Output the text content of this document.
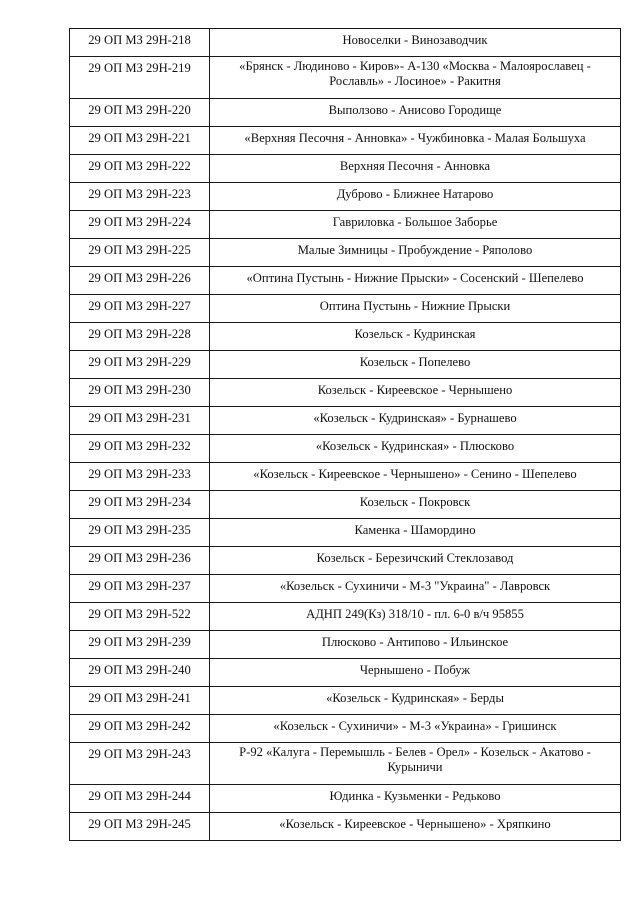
29 ОП МЗ 29Н-218	Новоселки - Винозаводчик
29 ОП МЗ 29Н-219	«Брянск - Людиново - Киров»- А-130 «Москва - Малоярославец - Рославль» - Лосиное» - Ракитня
29 ОП МЗ 29Н-220	Выползово - Анисово Городище
29 ОП МЗ 29Н-221	«Верхняя Песочня - Анновка» - Чужбиновка - Малая Большуха
29 ОП МЗ 29Н-222	Верхняя Песочня - Анновка
29 ОП МЗ 29Н-223	Дуброво - Ближнее Натарово
29 ОП МЗ 29Н-224	Гавриловка - Большое Заборье
29 ОП МЗ 29Н-225	Малые Зимницы - Пробуждение - Ряполово
29 ОП МЗ 29Н-226	«Оптина Пустынь - Нижние Прыски» - Сосенский - Шепелево
29 ОП МЗ 29Н-227	Оптина Пустынь - Нижние Прыски
29 ОП МЗ 29Н-228	Козельск - Кудринская
29 ОП МЗ 29Н-229	Козельск - Попелево
29 ОП МЗ 29Н-230	Козельск - Киреевское - Чернышено
29 ОП МЗ 29Н-231	«Козельск - Кудринская» - Бурнашево
29 ОП МЗ 29Н-232	«Козельск - Кудринская» - Плюсково
29 ОП МЗ 29Н-233	«Козельск - Киреевское - Чернышено» - Сенино - Шепелево
29 ОП МЗ 29Н-234	Козельск - Покровск
29 ОП МЗ 29Н-235	Каменка - Шамордино
29 ОП МЗ 29Н-236	Козельск - Березичский Стеклозавод
29 ОП МЗ 29Н-237	«Козельск - Сухиничи - М-3 "Украина" - Лавровск
29 ОП МЗ 29Н-522	АДНП 249(Кз) 318/10 - пл. 6-0 в/ч 95855
29 ОП МЗ 29Н-239	Плюсково - Антипово - Ильинское
29 ОП МЗ 29Н-240	Чернышено - Побуж
29 ОП МЗ 29Н-241	«Козельск - Кудринская» - Берды
29 ОП МЗ 29Н-242	«Козельск - Сухиничи» - М-3 «Украина» - Гришинск
29 ОП МЗ 29Н-243	Р-92 «Калуга - Перемышль - Белев - Орел» - Козельск - Акатово - Курыничи
29 ОП МЗ 29Н-244	Юдинка - Кузьменки - Редьково
29 ОП МЗ 29Н-245	«Козельск - Киреевское - Чернышено» - Хряпкино
